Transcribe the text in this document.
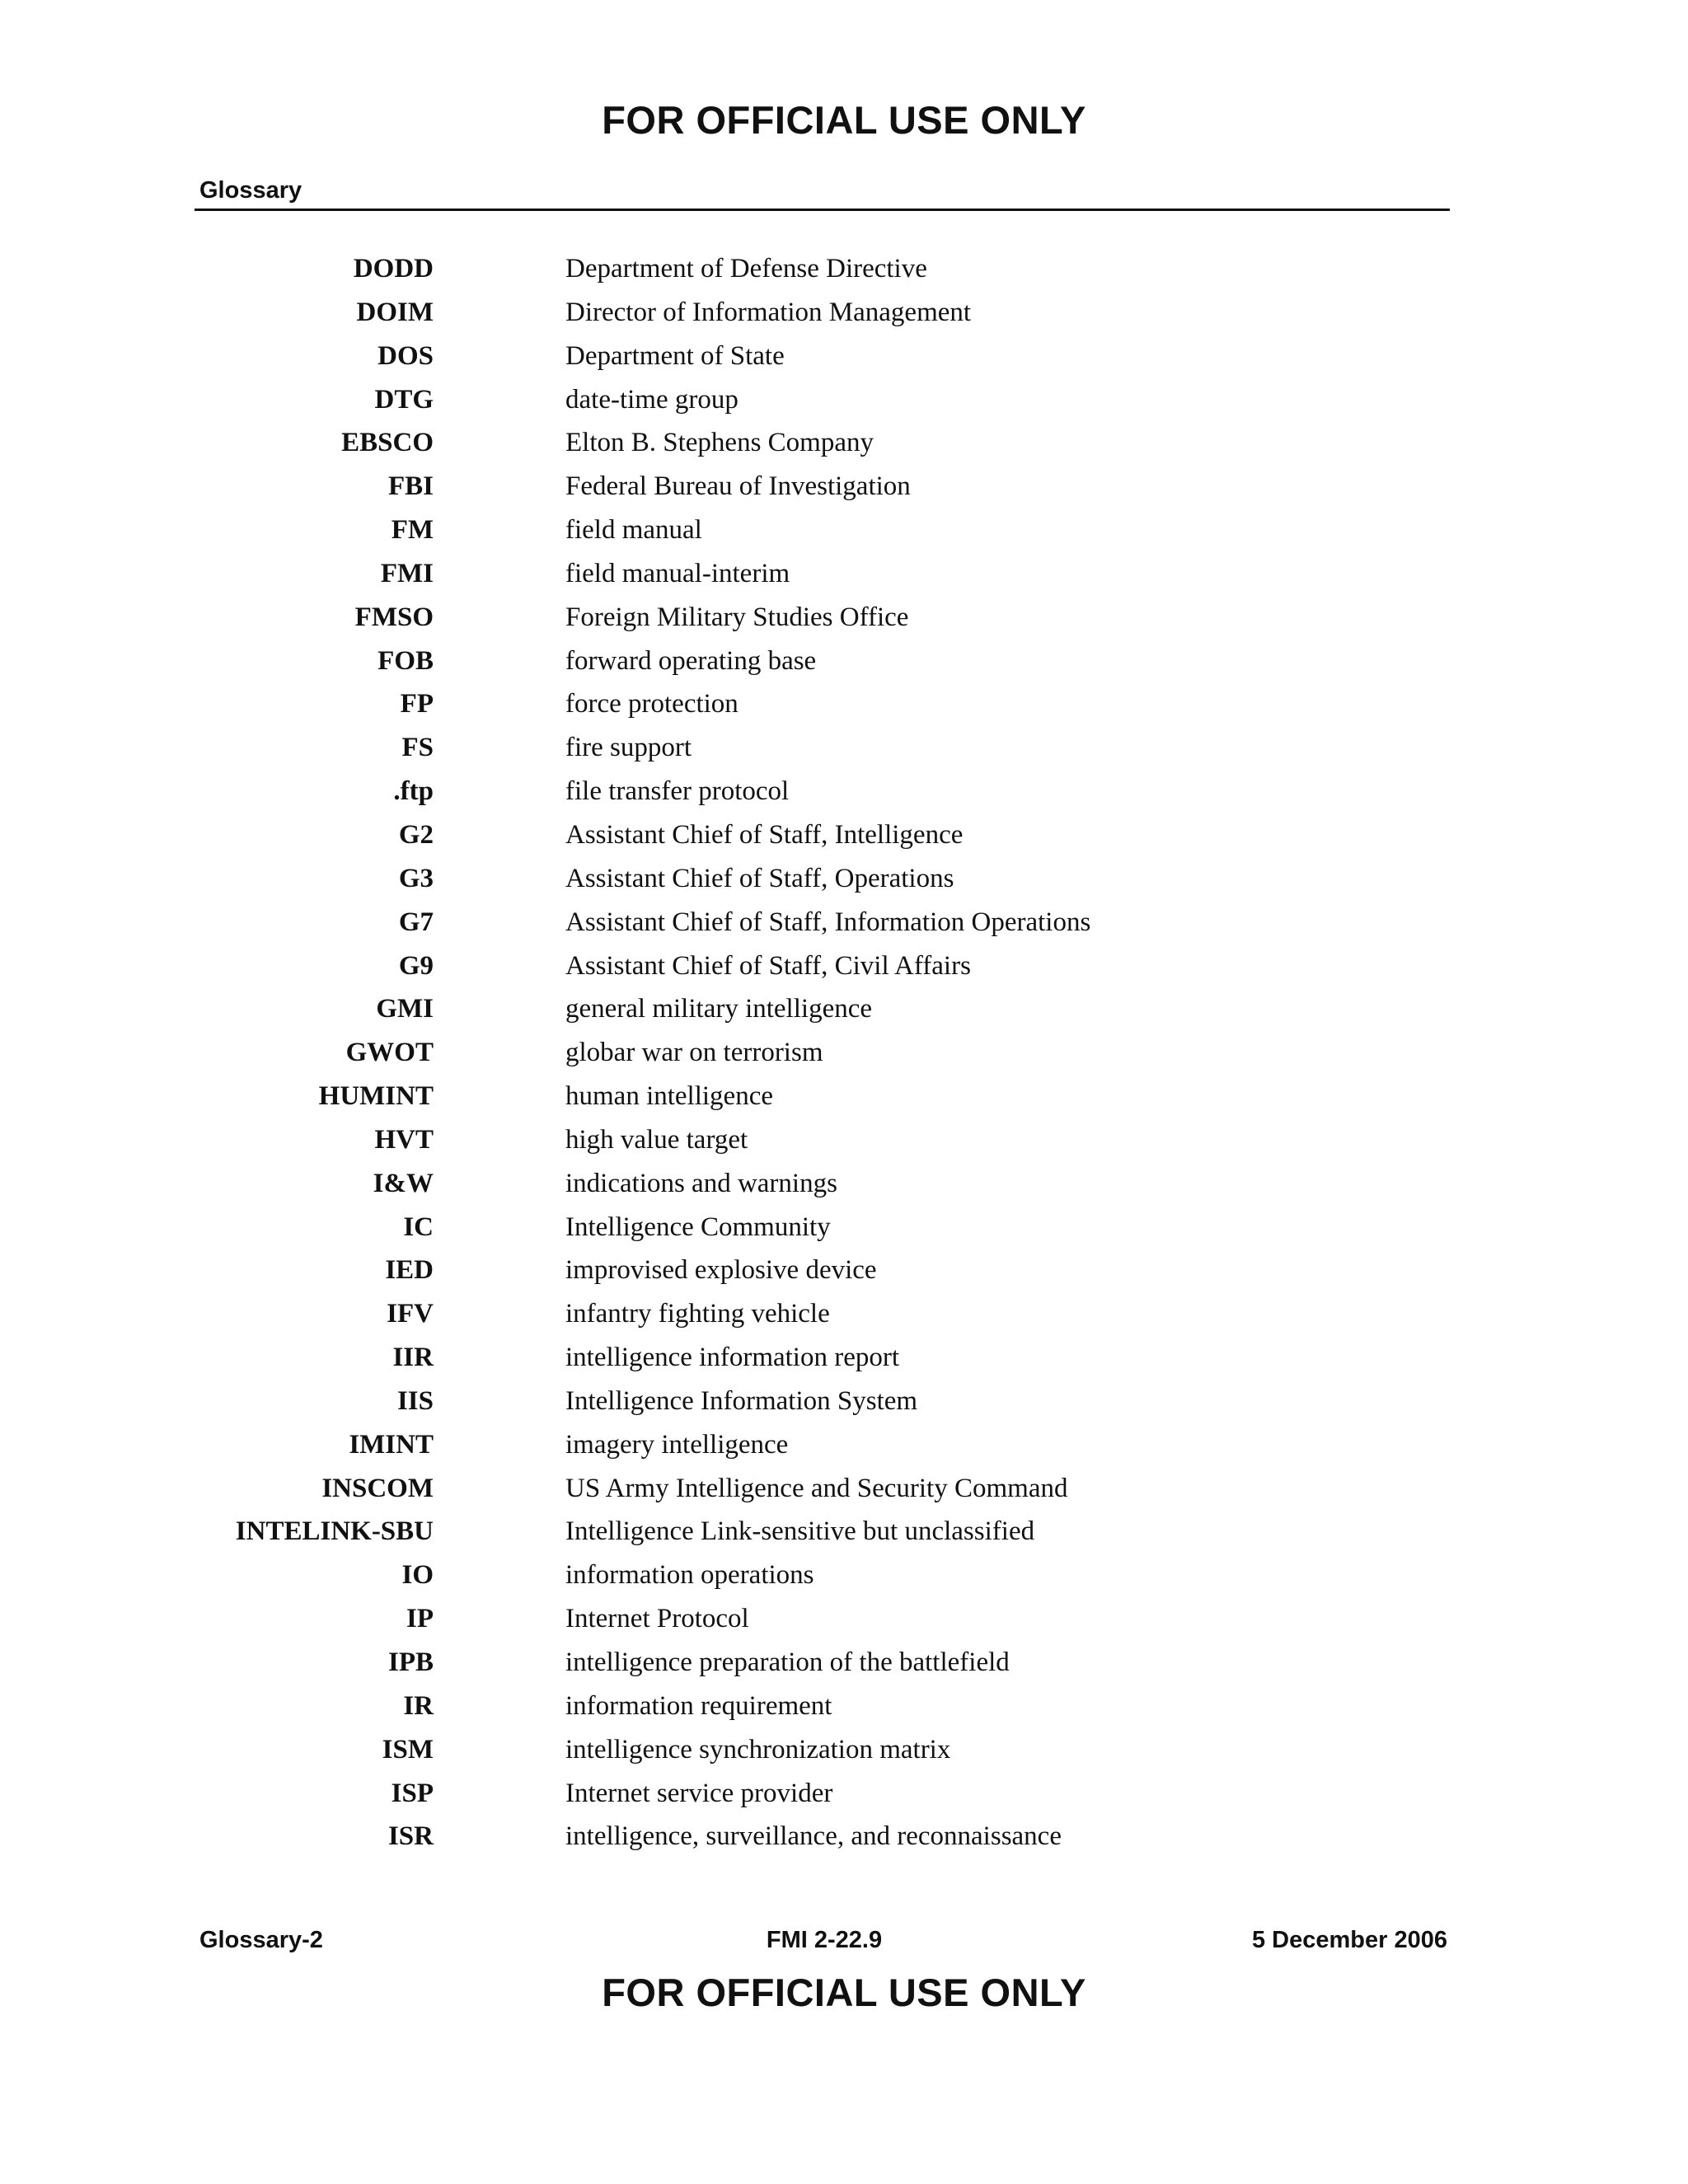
FOR OFFICIAL USE ONLY
Glossary
DODD	Department of Defense Directive
DOIM	Director of Information Management
DOS	Department of State
DTG	date-time group
EBSCO	Elton B. Stephens Company
FBI	Federal Bureau of Investigation
FM	field manual
FMI	field manual-interim
FMSO	Foreign Military Studies Office
FOB	forward operating base
FP	force protection
FS	fire support
.ftp	file transfer protocol
G2	Assistant Chief of Staff, Intelligence
G3	Assistant Chief of Staff, Operations
G7	Assistant Chief of Staff, Information Operations
G9	Assistant Chief of Staff, Civil Affairs
GMI	general military intelligence
GWOT	globar war on terrorism
HUMINT	human intelligence
HVT	high value target
I&W	indications and warnings
IC	Intelligence Community
IED	improvised explosive device
IFV	infantry fighting vehicle
IIR	intelligence information report
IIS	Intelligence Information System
IMINT	imagery intelligence
INSCOM	US Army Intelligence and Security Command
INTELINK-SBU	Intelligence Link-sensitive but unclassified
IO	information operations
IP	Internet Protocol
IPB	intelligence preparation of the battlefield
IR	information requirement
ISM	intelligence synchronization matrix
ISP	Internet service provider
ISR	intelligence, surveillance, and reconnaissance
Glossary-2	FMI 2-22.9	5 December 2006
FOR OFFICIAL USE ONLY
